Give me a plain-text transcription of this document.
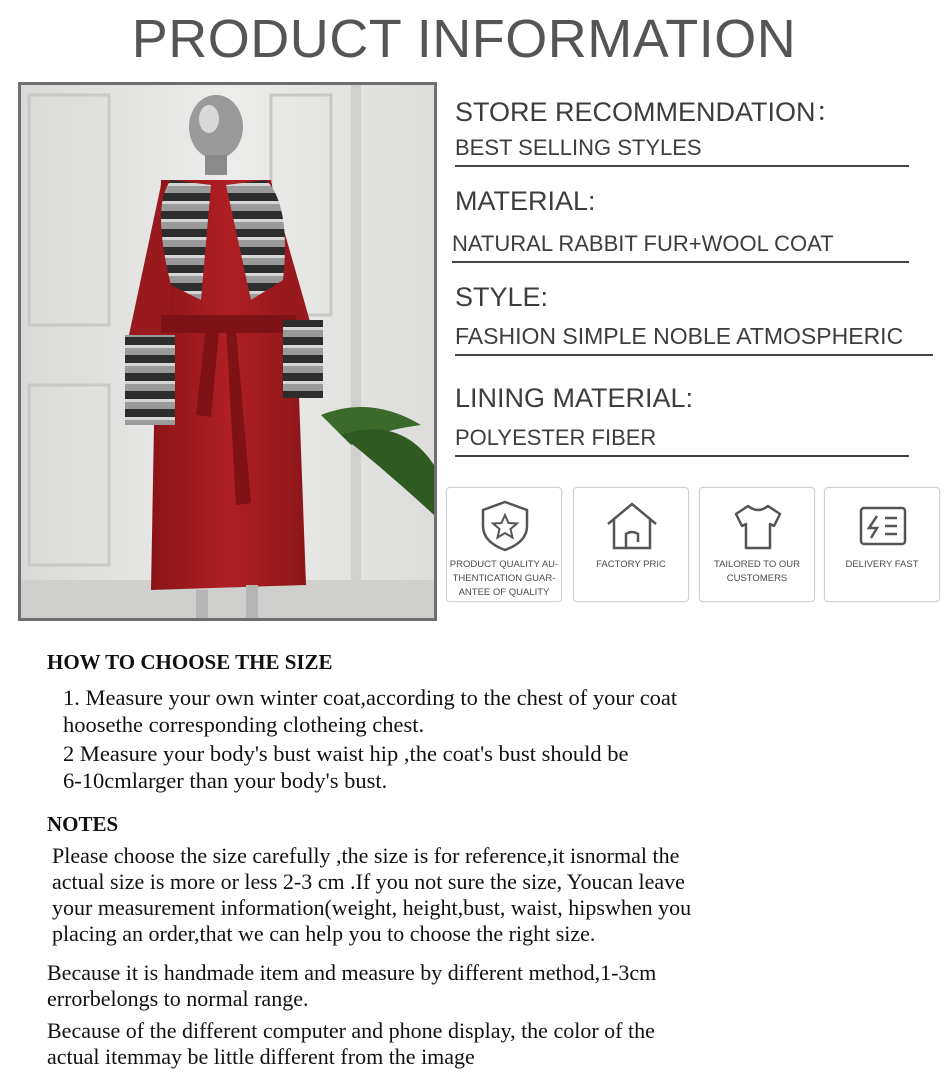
PRODUCT INFORMATION
STORE RECOMMENDATION：
BEST SELLING STYLES
MATERIAL:
NATURAL RABBIT FUR+WOOL COAT
STYLE:
FASHION SIMPLE NOBLE ATMOSPHERIC
LINING MATERIAL:
POLYESTER FIBER
PRODUCT QUALITY AU-
THENTICATION GUAR-
ANTEE OF QUALITY
FACTORY PRIC	TAILORED TO OUR
CUSTOMERS
DELIVERY FAST
HOW TO CHOOSE THE SIZE
1. Measure your own winter coat,according to the chest of your coat
hoosethe corresponding clotheing chest.
2 Measure your body's bust waist hip ,the coat's bust should be
6-10cmlarger than your body's bust.
NOTES
Please choose the size carefully ,the size is for reference,it isnormal the
actual size is more or less 2-3 cm .If you not sure the size, Youcan leave
your measurement information(weight, height,bust, waist, hipswhen you
placing an order,that we can help you to choose the right size.
Because it is handmade item and measure by different method,1-3cm
errorbelongs to normal range.
Because of the different computer and phone display, the color of the
actual itemmay be little different from the image
